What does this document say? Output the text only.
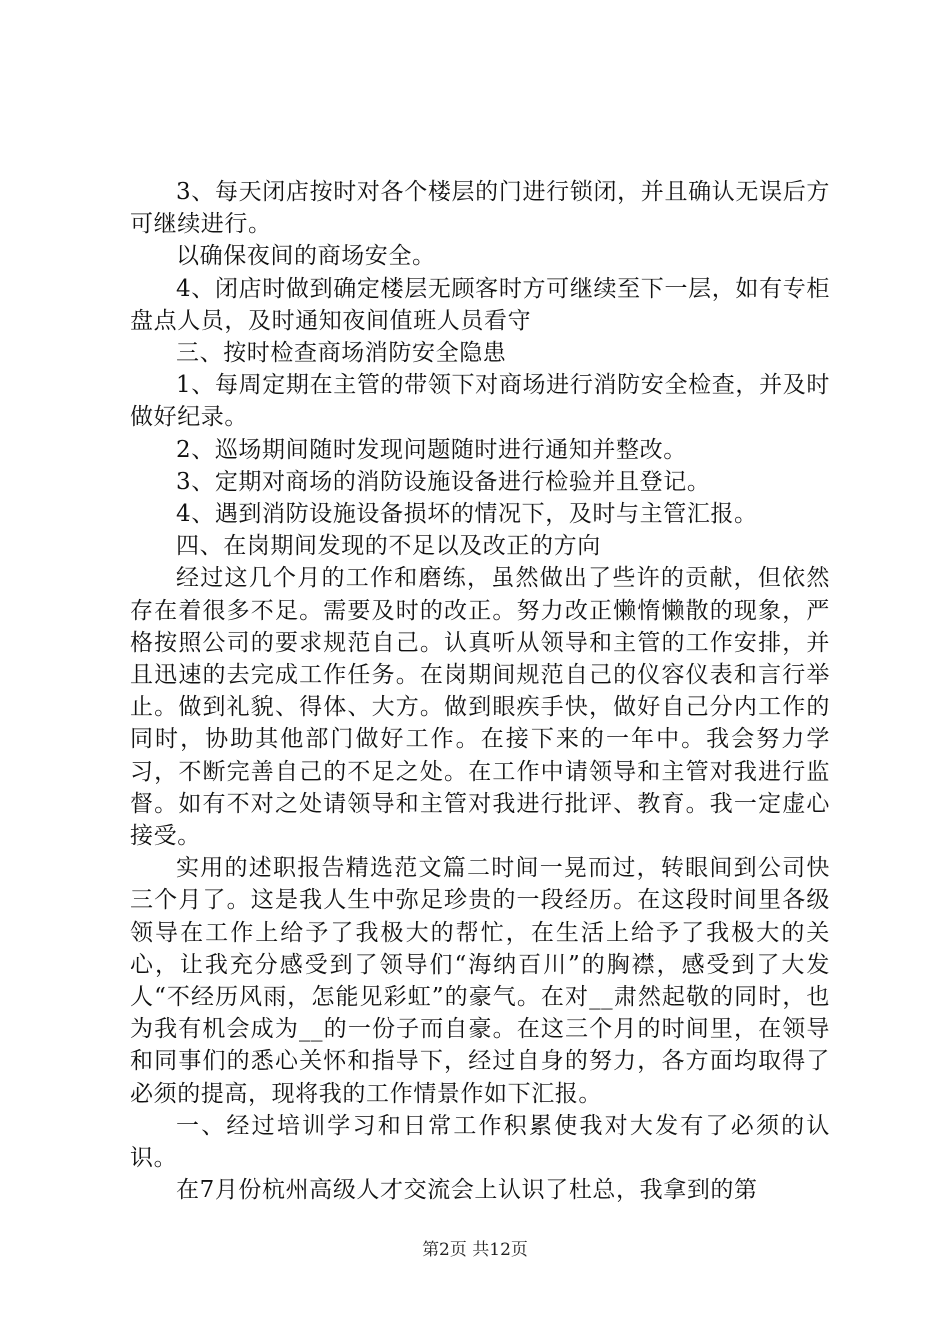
3、每天闭店按时对各个楼层的门进行锁闭，并且确认无误后方可继续进行。

以确保夜间的商场安全。

4、闭店时做到确定楼层无顾客时方可继续至下一层，如有专柜盘点人员，及时通知夜间值班人员看守

三、按时检查商场消防安全隐患

1、每周定期在主管的带领下对商场进行消防安全检查，并及时做好纪录。

2、巡场期间随时发现问题随时进行通知并整改。

3、定期对商场的消防设施设备进行检验并且登记。

4、遇到消防设施设备损坏的情况下，及时与主管汇报。

四、在岗期间发现的不足以及改正的方向

经过这几个月的工作和磨练，虽然做出了些许的贡献，但依然存在着很多不足。需要及时的改正。努力改正懒惰懒散的现象，严格按照公司的要求规范自己。认真听从领导和主管的工作安排，并且迅速的去完成工作任务。在岗期间规范自己的仪容仪表和言行举止。做到礼貌、得体、大方。做到眼疾手快，做好自己分内工作的同时，协助其他部门做好工作。在接下来的一年中。我会努力学习，不断完善自己的不足之处。在工作中请领导和主管对我进行监督。如有不对之处请领导和主管对我进行批评、教育。我一定虚心接受。

实用的述职报告精选范文篇二时间一晃而过，转眼间到公司快三个月了。这是我人生中弥足珍贵的一段经历。在这段时间里各级领导在工作上给予了我极大的帮忙，在生活上给予了我极大的关心，让我充分感受到了领导们“海纳百川”的胸襟，感受到了大发人“不经历风雨，怎能见彩虹”的豪气。在对__肃然起敬的同时，也为我有机会成为__的一份子而自豪。在这三个月的时间里，在领导和同事们的悉心关怀和指导下，经过自身的努力，各方面均取得了必须的提高，现将我的工作情景作如下汇报。

一、经过培训学习和日常工作积累使我对大发有了必须的认识。

在7月份杭州高级人才交流会上认识了杜总，我拿到的第

第2页 共12页
